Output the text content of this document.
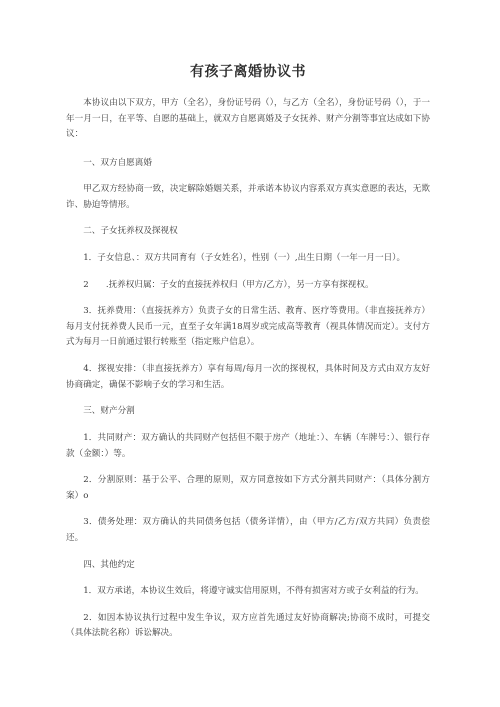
有孩子离婚协议书

本协议由以下双方，甲方（全名），身份证号码（），与乙方（全名），身份证号码（），于一年一月一日，在平等、自愿的基础上，就双方自愿离婚及子女抚养、财产分割等事宜达成如下协议：

一、双方自愿离婚

甲乙双方经协商一致，决定解除婚姻关系，并承诺本协议内容系双方真实意愿的表达，无欺诈、胁迫等情形。

二、子女抚养权及探视权

1．子女信息、：双方共同育有（子女姓名），性别（一）,出生日期（一年一月一日）。

2　　.抚养权归属：子女的直接抚养权归（甲方/乙方），另一方享有探视权。

3．抚养费用：（直接抚养方）负责子女的日常生活、教育、医疗等费用。（非直接抚养方）每月支付抚养费人民币一元，直至子女年满18周岁或完成高等教育（视具体情况而定）。支付方式为每月一日前通过银行转账至（指定账户信息）。

4．探视安排：（非直接抚养方）享有每周/每月一次的探视权，具体时间及方式由双方友好协商确定，确保不影响子女的学习和生活。

三、财产分割

1．共同财产：双方确认的共同财产包括但不限于房产（地址：）、车辆（车牌号：）、银行存款（金额：）等。

2．分割原则：基于公平、合理的原则，双方同意按如下方式分割共同财产：（具体分割方案）o

3．债务处理：双方确认的共同债务包括（债务详情），由（甲方/乙方/双方共同）负责偿还。

四、其他约定

1．双方承诺，本协议生效后，将遵守诚实信用原则，不得有损害对方或子女利益的行为。

2．如因本协议执行过程中发生争议，双方应首先通过友好协商解决;协商不成时，可提交（具体法院名称）诉讼解决。
